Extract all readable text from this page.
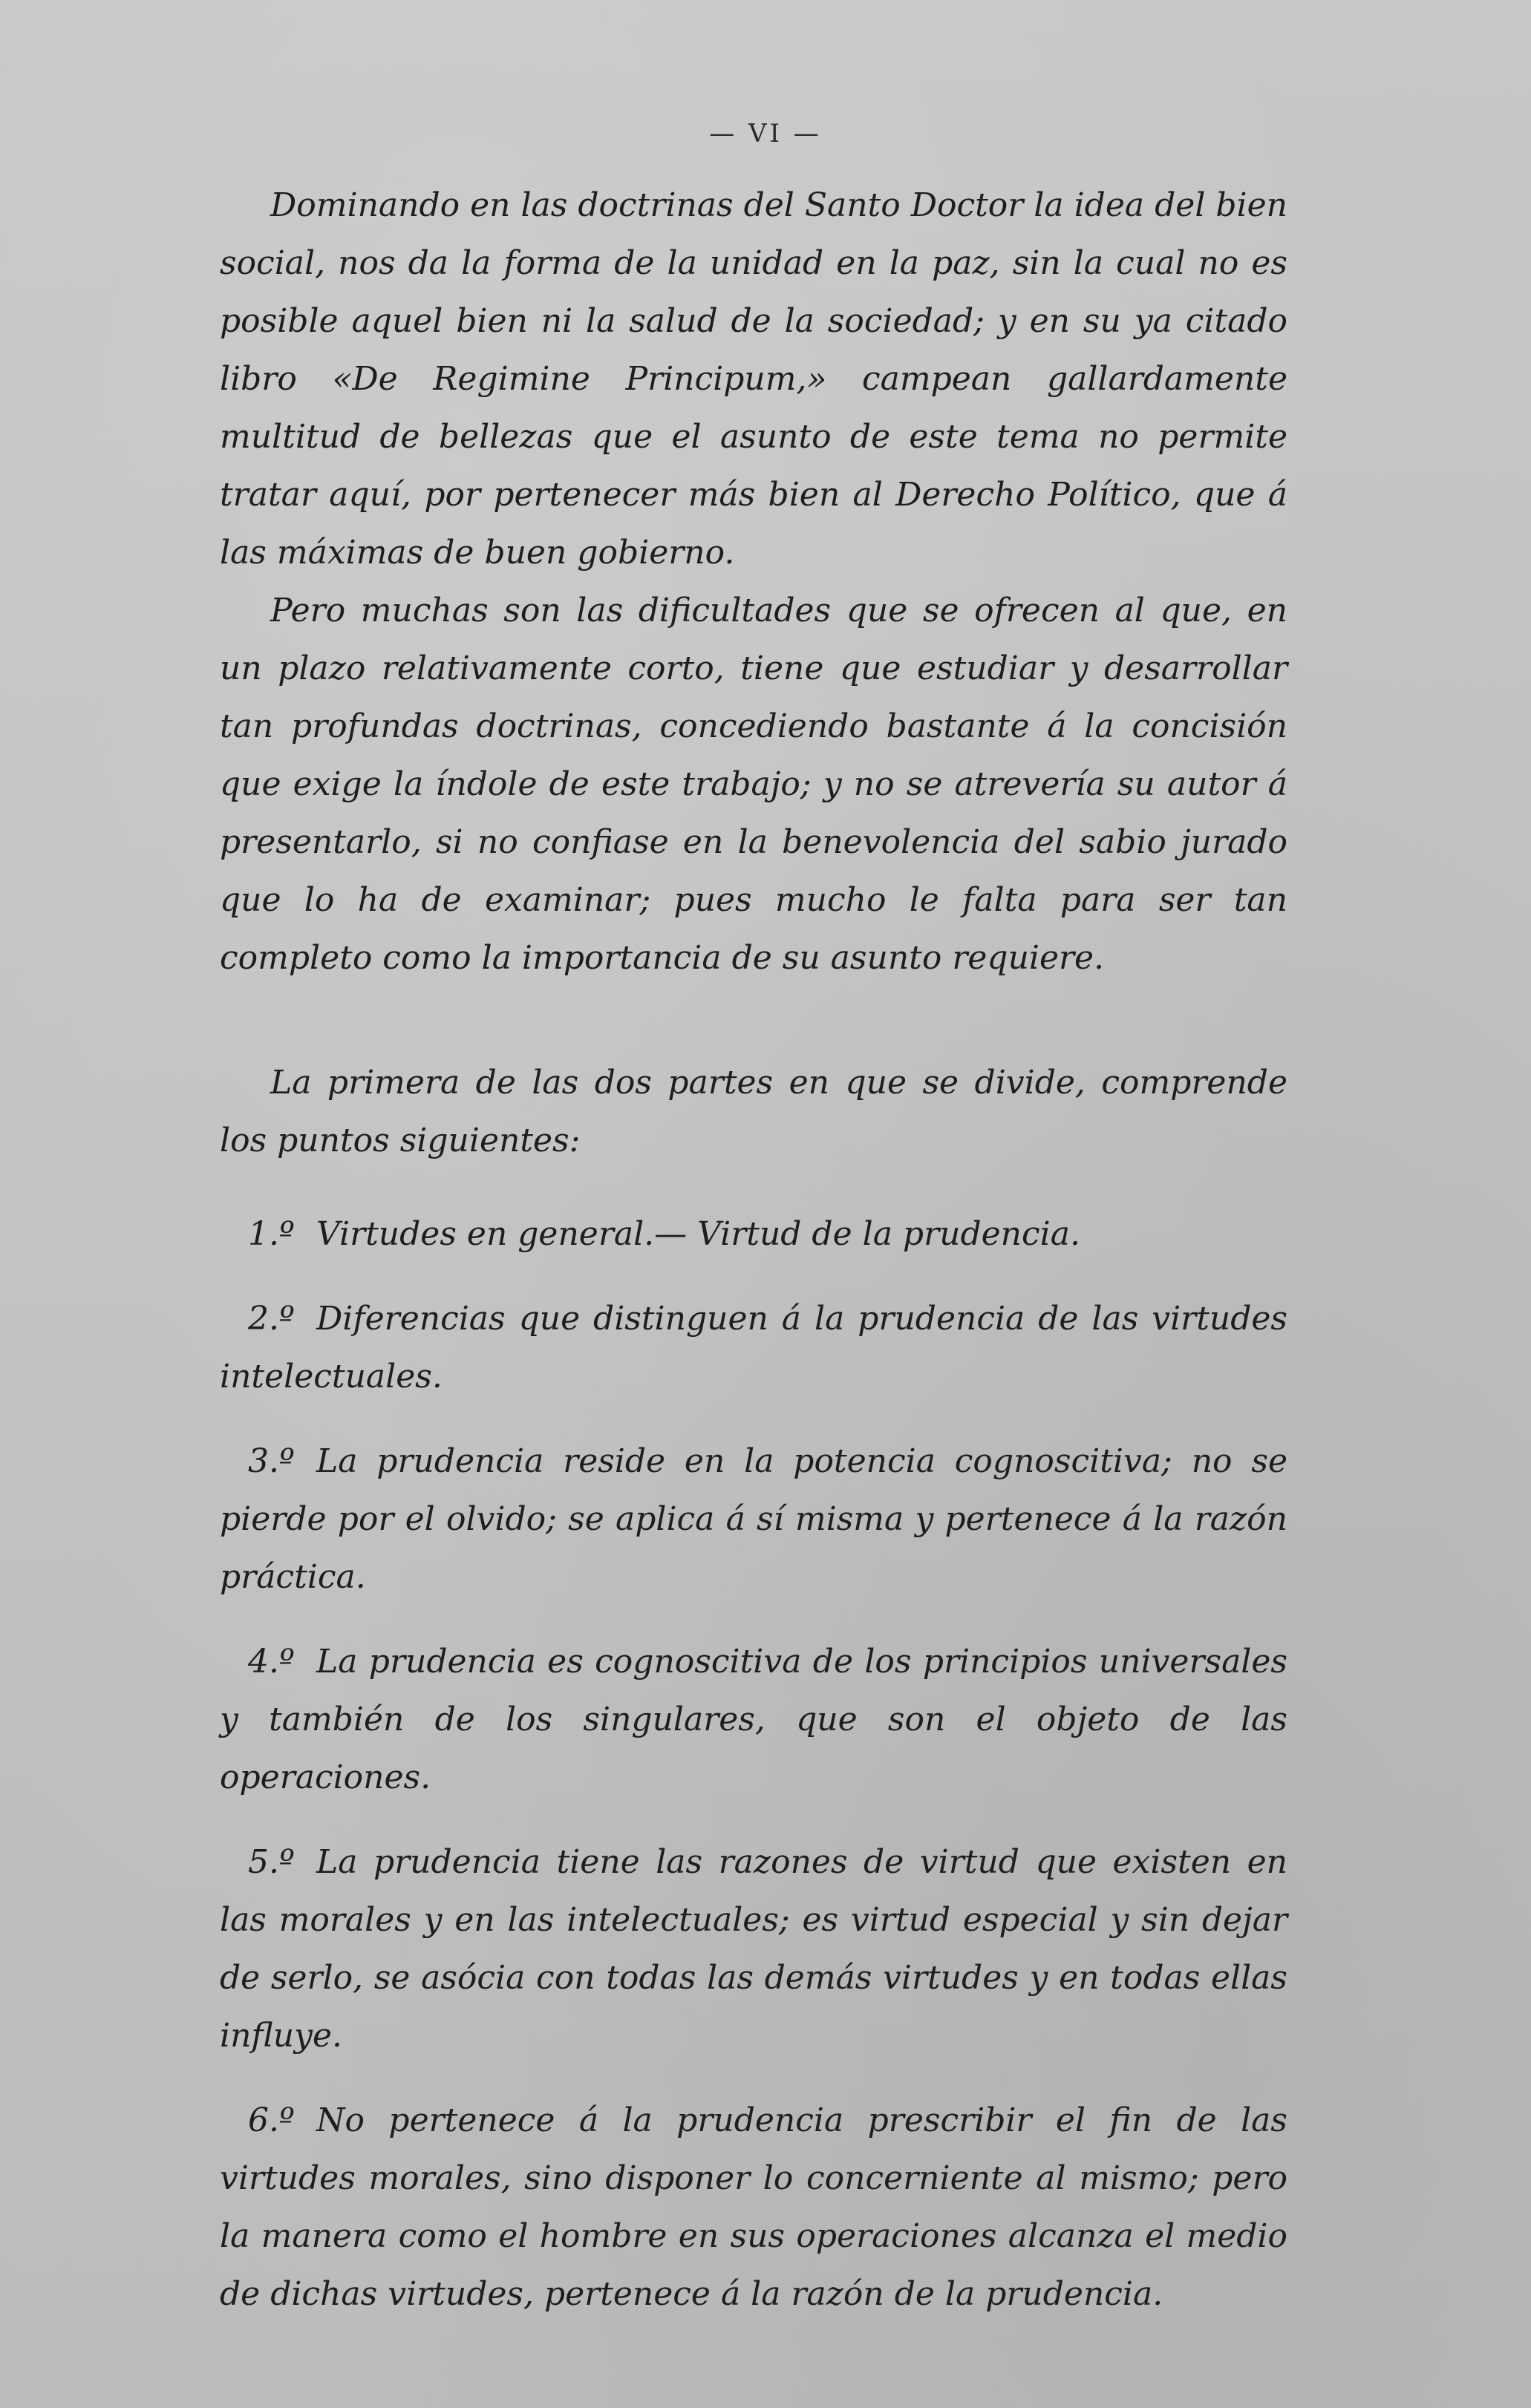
— VI —

Dominando en las doctrinas del Santo Doctor la idea del bien social, nos da la forma de la unidad en la paz, sin la cual no es posible aquel bien ni la salud de la sociedad; y en su ya citado libro «De Regimine Principum,» campean gallardamente multitud de bellezas que el asunto de este tema no permite tratar aquí, por pertenecer más bien al Derecho Político, que á las máximas de buen gobierno.

Pero muchas son las dificultades que se ofrecen al que, en un plazo relativamente corto, tiene que estudiar y desarrollar tan profundas doctrinas, concediendo bastante á la concisión que exige la índole de este trabajo; y no se atrevería su autor á presentarlo, si no confiase en la benevolencia del sabio jurado que lo ha de examinar; pues mucho le falta para ser tan completo como la importancia de su asunto requiere.

La primera de las dos partes en que se divide, comprende los puntos siguientes:

1.º Virtudes en general.— Virtud de la prudencia.

2.º Diferencias que distinguen á la prudencia de las virtudes intelectuales.

3.º La prudencia reside en la potencia cognoscitiva; no se pierde por el olvido; se aplica á sí misma y pertenece á la razón práctica.

4.º La prudencia es cognoscitiva de los principios universales y también de los singulares, que son el objeto de las operaciones.

5.º La prudencia tiene las razones de virtud que existen en las morales y en las intelectuales; es virtud especial y sin dejar de serlo, se asócia con todas las demás virtudes y en todas ellas influye.

6.º No pertenece á la prudencia prescribir el fin de las virtudes morales, sino disponer lo concerniente al mismo; pero la manera como el hombre en sus operaciones alcanza el medio de dichas virtudes, pertenece á la razón de la prudencia.
